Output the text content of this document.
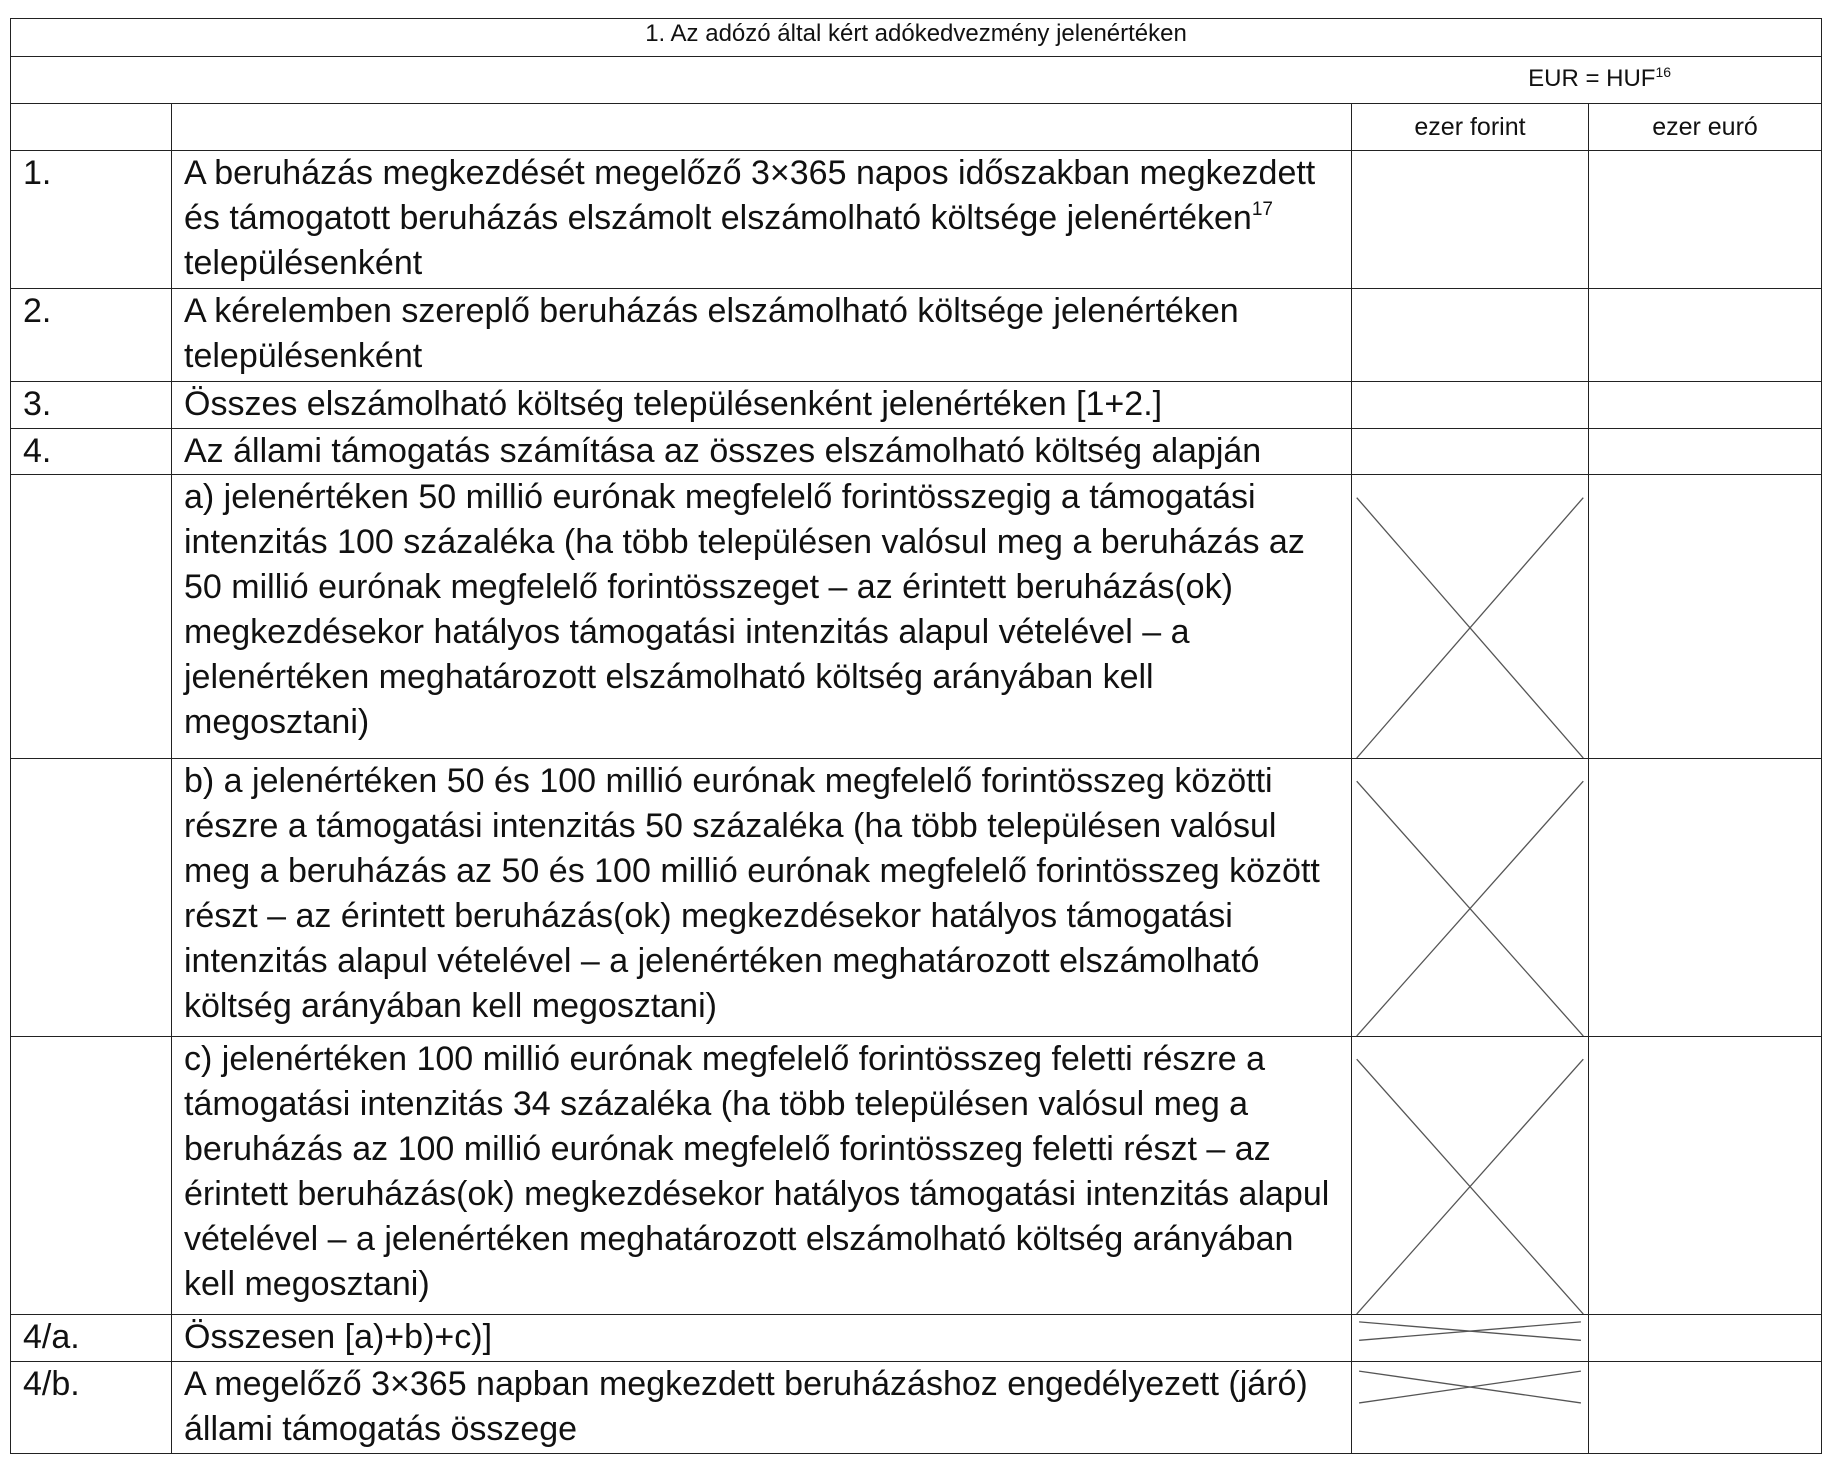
1. Az adózó által kért adókedvezmény jelenértéken			
EUR = $HUF^{16}$
		ezer forint	ezer euró
1.	A beruházás megkezdését megelőző 3×365 napos időszakban megkezdett és támogatott beruházás elszámolt elszámolható költsége jelenértéken$^{17}$ településenként		
2.	A kérelemben szereplő beruházás elszámolható költsége jelenértéken településenként		
3.	Összes elszámolható költség településenként jelenértéken [1+2.]		
4.	Az állami támogatás számítása az összes elszámolható költség alapján		
	a) jelenértéken 50 millió eurónak megfelelő forintösszegig a támogatási intenzitás 100 százaléka (ha több településen valósul meg a beruházás az 50 millió eurónak megfelelő forintösszeget – az érintett beruházás(ok) megkezdésekor hatályos támogatási intenzitás alapul vételével – a jelenértéken meghatározott elszámolható költség arányában kell megosztani)	

	b) a jelenértéken 50 és 100 millió eurónak megfelelő forintösszeg közötti részre a támogatási intenzitás 50 százaléka (ha több településen valósul meg a beruházás az 50 és 100 millió eurónak megfelelő forintösszeg között részt – az érintett beruházás(ok) megkezdésekor hatályos támogatási intenzitás alapul vételével – a jelenértéken meghatározott elszámolható költség arányában kell megosztani)	

	c) jelenértéken 100 millió eurónak megfelelő forintösszeg feletti részre a támogatási intenzitás 34 százaléka (ha több településen valósul meg a beruházás az 100 millió eurónak megfelelő forintösszeg feletti részt – az érintett beruházás(ok) megkezdésekor hatályos támogatási intenzitás alapul vételével – a jelenértéken meghatározott elszámolható költség arányában kell megosztani)	

4/a.	Összesen [a)+b)+c)]	

4/b.	A megelőző 3×365 napban megkezdett beruházáshoz engedélyezett (járó) állami támogatás összege	
